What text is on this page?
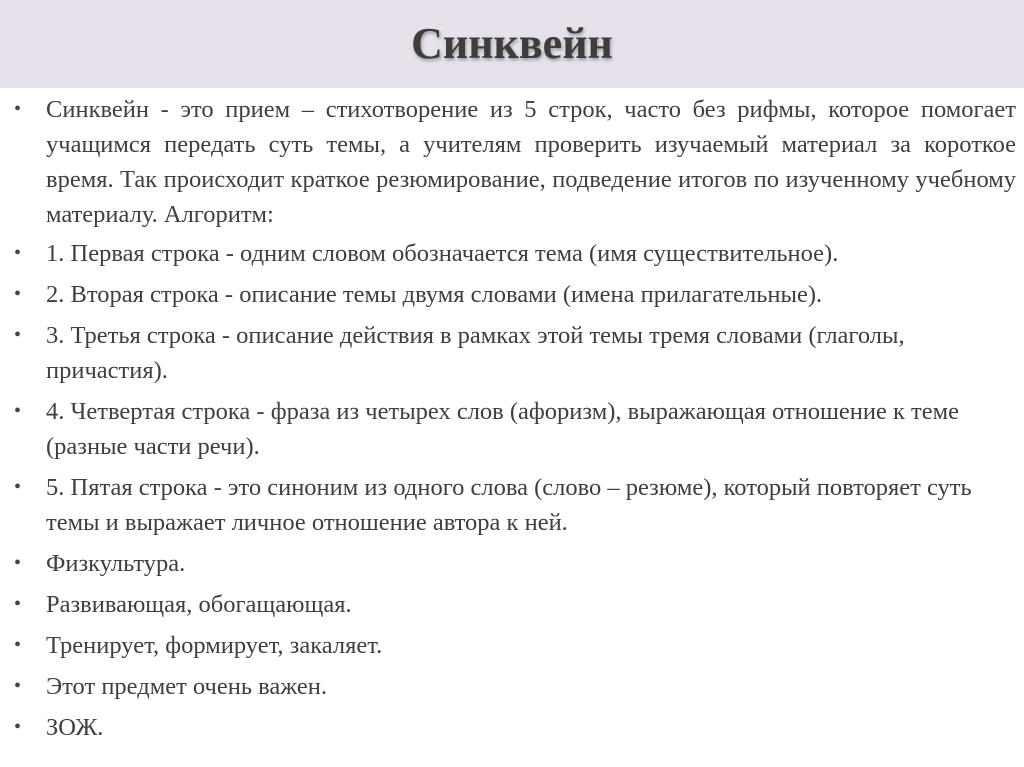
Синквейн
• Синквейн - это прием – стихотворение из 5 строк, часто без рифмы, которое помогает учащимся передать суть темы, а учителям проверить изучаемый материал за короткое время. Так происходит краткое резюмирование, подведение итогов по изученному учебному материалу. Алгоритм:
• 1. Первая строка - одним словом обозначается тема (имя существительное).
• 2. Вторая строка - описание темы двумя словами (имена прилагательные).
• 3. Третья строка - описание действия в рамках этой темы тремя словами (глаголы, причастия).
• 4. Четвертая строка - фраза из четырех слов (афоризм), выражающая отношение к теме (разные части речи).
• 5. Пятая строка - это синоним из одного слова (слово – резюме), который повторяет суть темы и выражает личное отношение автора к ней.
• Физкультура.
• Развивающая, обогащающая.
• Тренирует, формирует, закаляет.
• Этот предмет очень важен.
• ЗОЖ.
